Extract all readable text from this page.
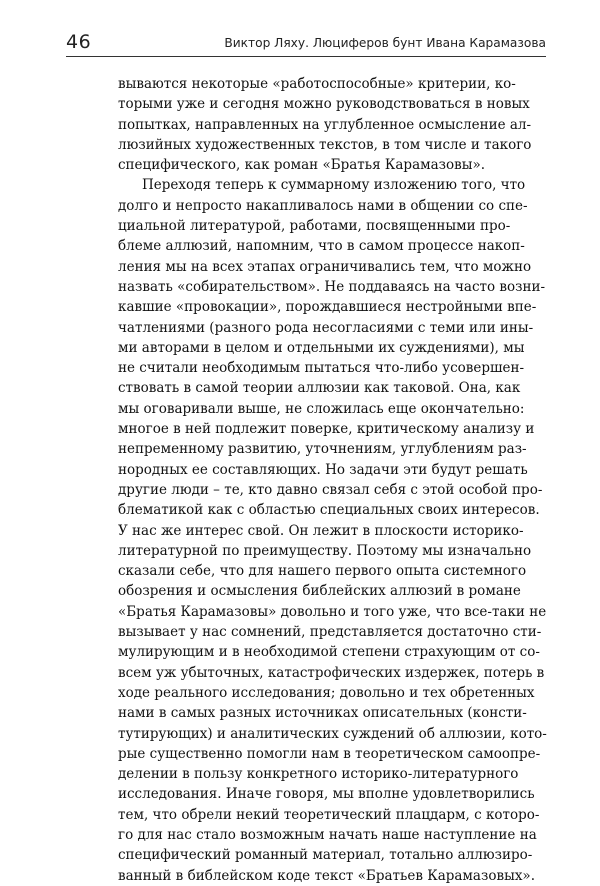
46	Виктор Ляху. Люциферов бунт Ивана Карамазова
вываются некоторые «работоспособные» критерии, ко-
торыми уже и сегодня можно руководствоваться в новых
попытках, направленных на углубленное осмысление ал-
люзийных художественных текстов, в том числе и такого
специфического, как роман «Братья Карамазовы».
Переходя теперь к суммарному изложению того, что
долго и непросто накапливалось нами в общении со спе-
циальной литературой, работами, посвященными про-
блеме аллюзий, напомним, что в самом процессе накоп-
ления мы на всех этапах ограничивались тем, что можно
назвать «собирательством». Не поддаваясь на часто возни-
кавшие «провокации», порождавшиеся нестройными впе-
чатлениями (разного рода несогласиями с теми или ины-
ми авторами в целом и отдельными их суждениями), мы
не считали необходимым пытаться что-либо усовершен-
ствовать в самой теории аллюзии как таковой. Она, как
мы оговаривали выше, не сложилась еще окончательно:
многое в ней подлежит поверке, критическому анализу и
непременному развитию, уточнениям, углублениям раз-
нородных ее составляющих. Но задачи эти будут решать
другие люди – те, кто давно связал себя с этой особой про-
блематикой как с областью специальных своих интересов.
У нас же интерес свой. Он лежит в плоскости историко-
литературной по преимуществу. Поэтому мы изначально
сказали себе, что для нашего первого опыта системного
обозрения и осмысления библейских аллюзий в романе
«Братья Карамазовы» довольно и того уже, что все-таки не
вызывает у нас сомнений, представляется достаточно сти-
мулирующим и в необходимой степени страхующим от со-
всем уж убыточных, катастрофических издержек, потерь в
ходе реального исследования; довольно и тех обретенных
нами в самых разных источниках описательных (консти-
тутирующих) и аналитических суждений об аллюзии, кото-
рые существенно помогли нам в теоретическом самоопре-
делении в пользу конкретного историко-литературного
исследования. Иначе говоря, мы вполне удовлетворились
тем, что обрели некий теоретический плацдарм, с которо-
го для нас стало возможным начать наше наступление на
специфический романный материал, тотально аллюзиро-
ванный в библейском коде текст «Братьев Карамазовых».
